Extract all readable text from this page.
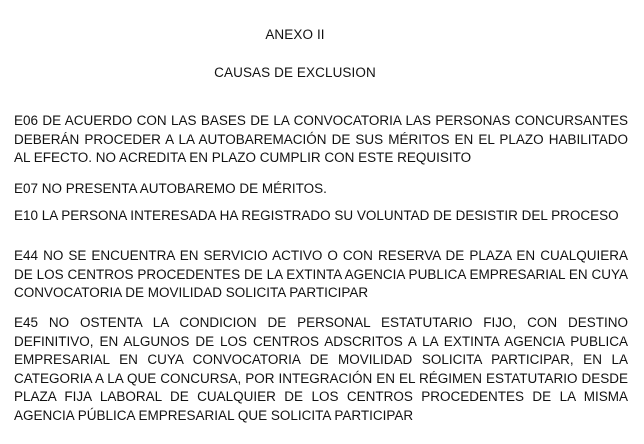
ANEXO II
CAUSAS DE EXCLUSION
E06 DE ACUERDO CON LAS BASES DE LA CONVOCATORIA LAS PERSONAS CONCURSANTES DEBERÁN PROCEDER A LA AUTOBAREMACIÓN DE SUS MÉRITOS EN EL PLAZO HABILITADO AL EFECTO. NO ACREDITA EN PLAZO CUMPLIR CON ESTE REQUISITO
E07 NO PRESENTA AUTOBAREMO DE MÉRITOS.
E10 LA PERSONA INTERESADA HA REGISTRADO SU VOLUNTAD DE DESISTIR DEL PROCESO
E44 NO SE ENCUENTRA EN SERVICIO ACTIVO O CON RESERVA DE PLAZA EN CUALQUIERA DE LOS CENTROS PROCEDENTES DE LA EXTINTA AGENCIA PUBLICA EMPRESARIAL EN CUYA CONVOCATORIA DE MOVILIDAD SOLICITA PARTICIPAR
E45 NO OSTENTA LA CONDICION DE PERSONAL ESTATUTARIO FIJO, CON DESTINO DEFINITIVO, EN ALGUNOS DE LOS CENTROS ADSCRITOS A LA EXTINTA AGENCIA PUBLICA EMPRESARIAL EN CUYA CONVOCATORIA DE MOVILIDAD SOLICITA PARTICIPAR, EN LA CATEGORIA A LA QUE CONCURSA, POR INTEGRACIÓN EN EL RÉGIMEN ESTATUTARIO DESDE PLAZA FIJA LABORAL DE CUALQUIER DE LOS CENTROS PROCEDENTES DE LA MISMA AGENCIA PÚBLICA EMPRESARIAL QUE SOLICITA PARTICIPAR
